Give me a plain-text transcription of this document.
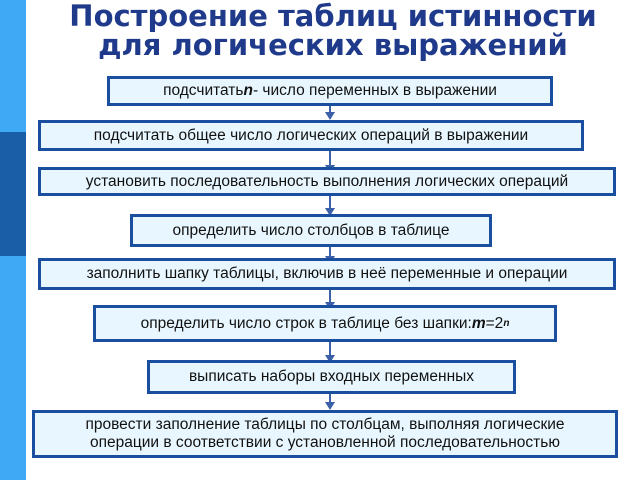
Построение таблиц истинности
для логических выражений
подсчитать n - число переменных в выражении
подсчитать общее число логических операций в выражении
установить последовательность выполнения логических операций
определить число столбцов в таблице
заполнить шапку таблицы, включив в неё переменные и операции
определить число строк в таблице без шапки: m =2 n
выписать наборы входных переменных
провести заполнение таблицы по столбцам, выполняя логические
операции в соответствии с установленной последовательностью
